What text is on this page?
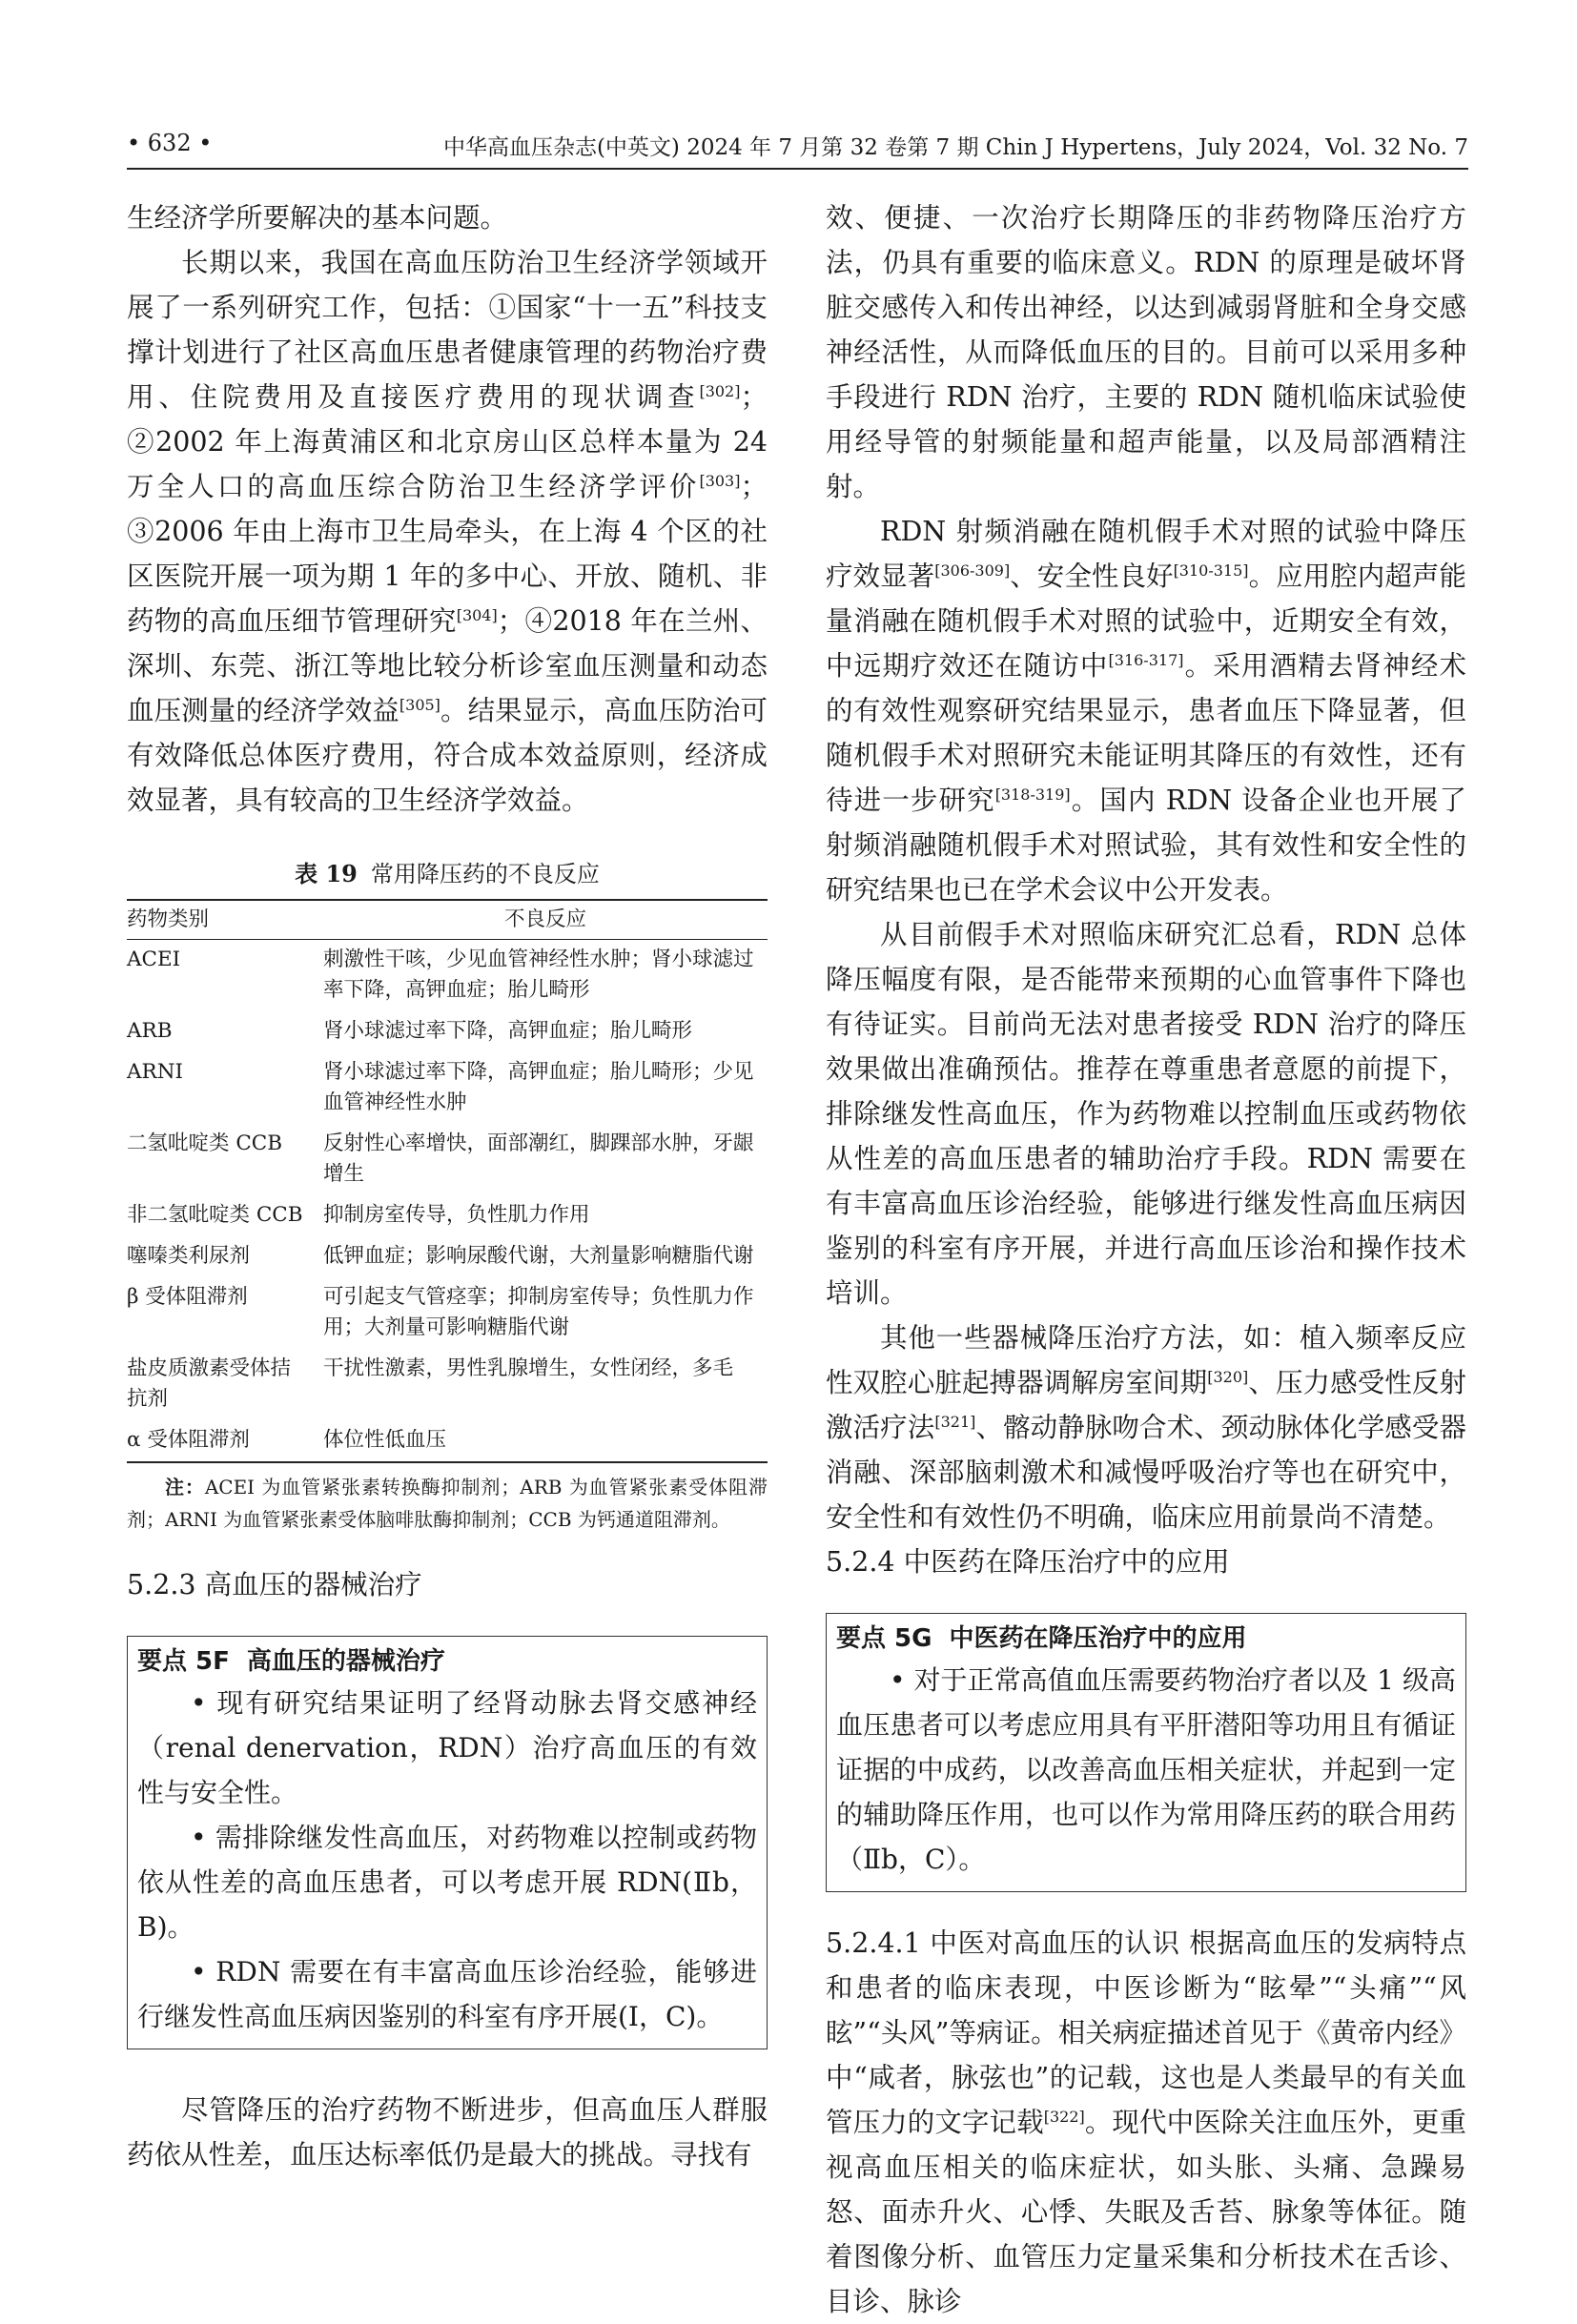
• 632 •	中华高血压杂志(中英文) 2024 年 7 月第 32 卷第 7 期 Chin J Hypertens，July 2024，Vol. 32 No. 7

生经济学所要解决的基本问题。

长期以来，我国在高血压防治卫生经济学领域开展了一系列研究工作，包括：①国家“十一五”科技支撑计划进行了社区高血压患者健康管理的药物治疗费用、住院费用及直接医疗费用的现状调查[302]；②2002 年上海黄浦区和北京房山区总样本量为 24 万全人口的高血压综合防治卫生经济学评价[303]；③2006 年由上海市卫生局牵头，在上海 4 个区的社区医院开展一项为期 1 年的多中心、开放、随机、非药物的高血压细节管理研究[304]；④2018 年在兰州、深圳、东莞、浙江等地比较分析诊室血压测量和动态血压测量的经济学效益[305]。结果显示，高血压防治可有效降低总体医疗费用，符合成本效益原则，经济成效显著，具有较高的卫生经济学效益。

表 19 常用降压药的不良反应
药物类别	不良反应
ACEI	刺激性干咳，少见血管神经性水肿；肾小球滤过率下降，高钾血症；胎儿畸形
ARB	肾小球滤过率下降，高钾血症；胎儿畸形
ARNI	肾小球滤过率下降，高钾血症；胎儿畸形；少见血管神经性水肿
二氢吡啶类 CCB	反射性心率增快，面部潮红，脚踝部水肿，牙龈增生
非二氢吡啶类 CCB	抑制房室传导，负性肌力作用
噻嗪类利尿剂	低钾血症；影响尿酸代谢，大剂量影响糖脂代谢
β 受体阻滞剂	可引起支气管痉挛；抑制房室传导；负性肌力作用；大剂量可影响糖脂代谢
盐皮质激素受体拮抗剂	干扰性激素，男性乳腺增生，女性闭经，多毛
α 受体阻滞剂	体位性低血压
注：ACEI 为血管紧张素转换酶抑制剂；ARB 为血管紧张素受体阻滞剂；ARNI 为血管紧张素受体脑啡肽酶抑制剂；CCB 为钙通道阻滞剂。

5.2.3 高血压的器械治疗

要点 5F 高血压的器械治疗

• 现有研究结果证明了经肾动脉去肾交感神经（renal denervation，RDN）治疗高血压的有效性与安全性。

• 需排除继发性高血压，对药物难以控制或药物依从性差的高血压患者，可以考虑开展 RDN(Ⅱb，B)。

• RDN 需要在有丰富高血压诊治经验，能够进行继发性高血压病因鉴别的科室有序开展(Ⅰ，C)。

尽管降压的治疗药物不断进步，但高血压人群服药依从性差，血压达标率低仍是最大的挑战。寻找有

效、便捷、一次治疗长期降压的非药物降压治疗方法，仍具有重要的临床意义。RDN 的原理是破坏肾脏交感传入和传出神经，以达到减弱肾脏和全身交感神经活性，从而降低血压的目的。目前可以采用多种手段进行 RDN 治疗，主要的 RDN 随机临床试验使用经导管的射频能量和超声能量，以及局部酒精注射。

RDN 射频消融在随机假手术对照的试验中降压疗效显著[306-309]、安全性良好[310-315]。应用腔内超声能量消融在随机假手术对照的试验中，近期安全有效，中远期疗效还在随访中[316-317]。采用酒精去肾神经术的有效性观察研究结果显示，患者血压下降显著，但随机假手术对照研究未能证明其降压的有效性，还有待进一步研究[318-319]。国内 RDN 设备企业也开展了射频消融随机假手术对照试验，其有效性和安全性的研究结果也已在学术会议中公开发表。

从目前假手术对照临床研究汇总看，RDN 总体降压幅度有限，是否能带来预期的心血管事件下降也有待证实。目前尚无法对患者接受 RDN 治疗的降压效果做出准确预估。推荐在尊重患者意愿的前提下，排除继发性高血压，作为药物难以控制血压或药物依从性差的高血压患者的辅助治疗手段。RDN 需要在有丰富高血压诊治经验，能够进行继发性高血压病因鉴别的科室有序开展，并进行高血压诊治和操作技术培训。

其他一些器械降压治疗方法，如：植入频率反应性双腔心脏起搏器调解房室间期[320]、压力感受性反射激活疗法[321]、髂动静脉吻合术、颈动脉体化学感受器消融、深部脑刺激术和减慢呼吸治疗等也在研究中，安全性和有效性仍不明确，临床应用前景尚不清楚。

5.2.4 中医药在降压治疗中的应用

要点 5G 中医药在降压治疗中的应用

• 对于正常高值血压需要药物治疗者以及 1 级高血压患者可以考虑应用具有平肝潜阳等功用且有循证证据的中成药，以改善高血压相关症状，并起到一定的辅助降压作用，也可以作为常用降压药的联合用药（Ⅱb，C）。

5.2.4.1 中医对高血压的认识 根据高血压的发病特点和患者的临床表现，中医诊断为“眩晕”“头痛”“风眩”“头风”等病证。相关病症描述首见于《黄帝内经》中“咸者，脉弦也”的记载，这也是人类最早的有关血管压力的文字记载[322]。现代中医除关注血压外，更重视高血压相关的临床症状，如头胀、头痛、急躁易怒、面赤升火、心悸、失眠及舌苔、脉象等体征。随着图像分析、血管压力定量采集和分析技术在舌诊、目诊、脉诊
